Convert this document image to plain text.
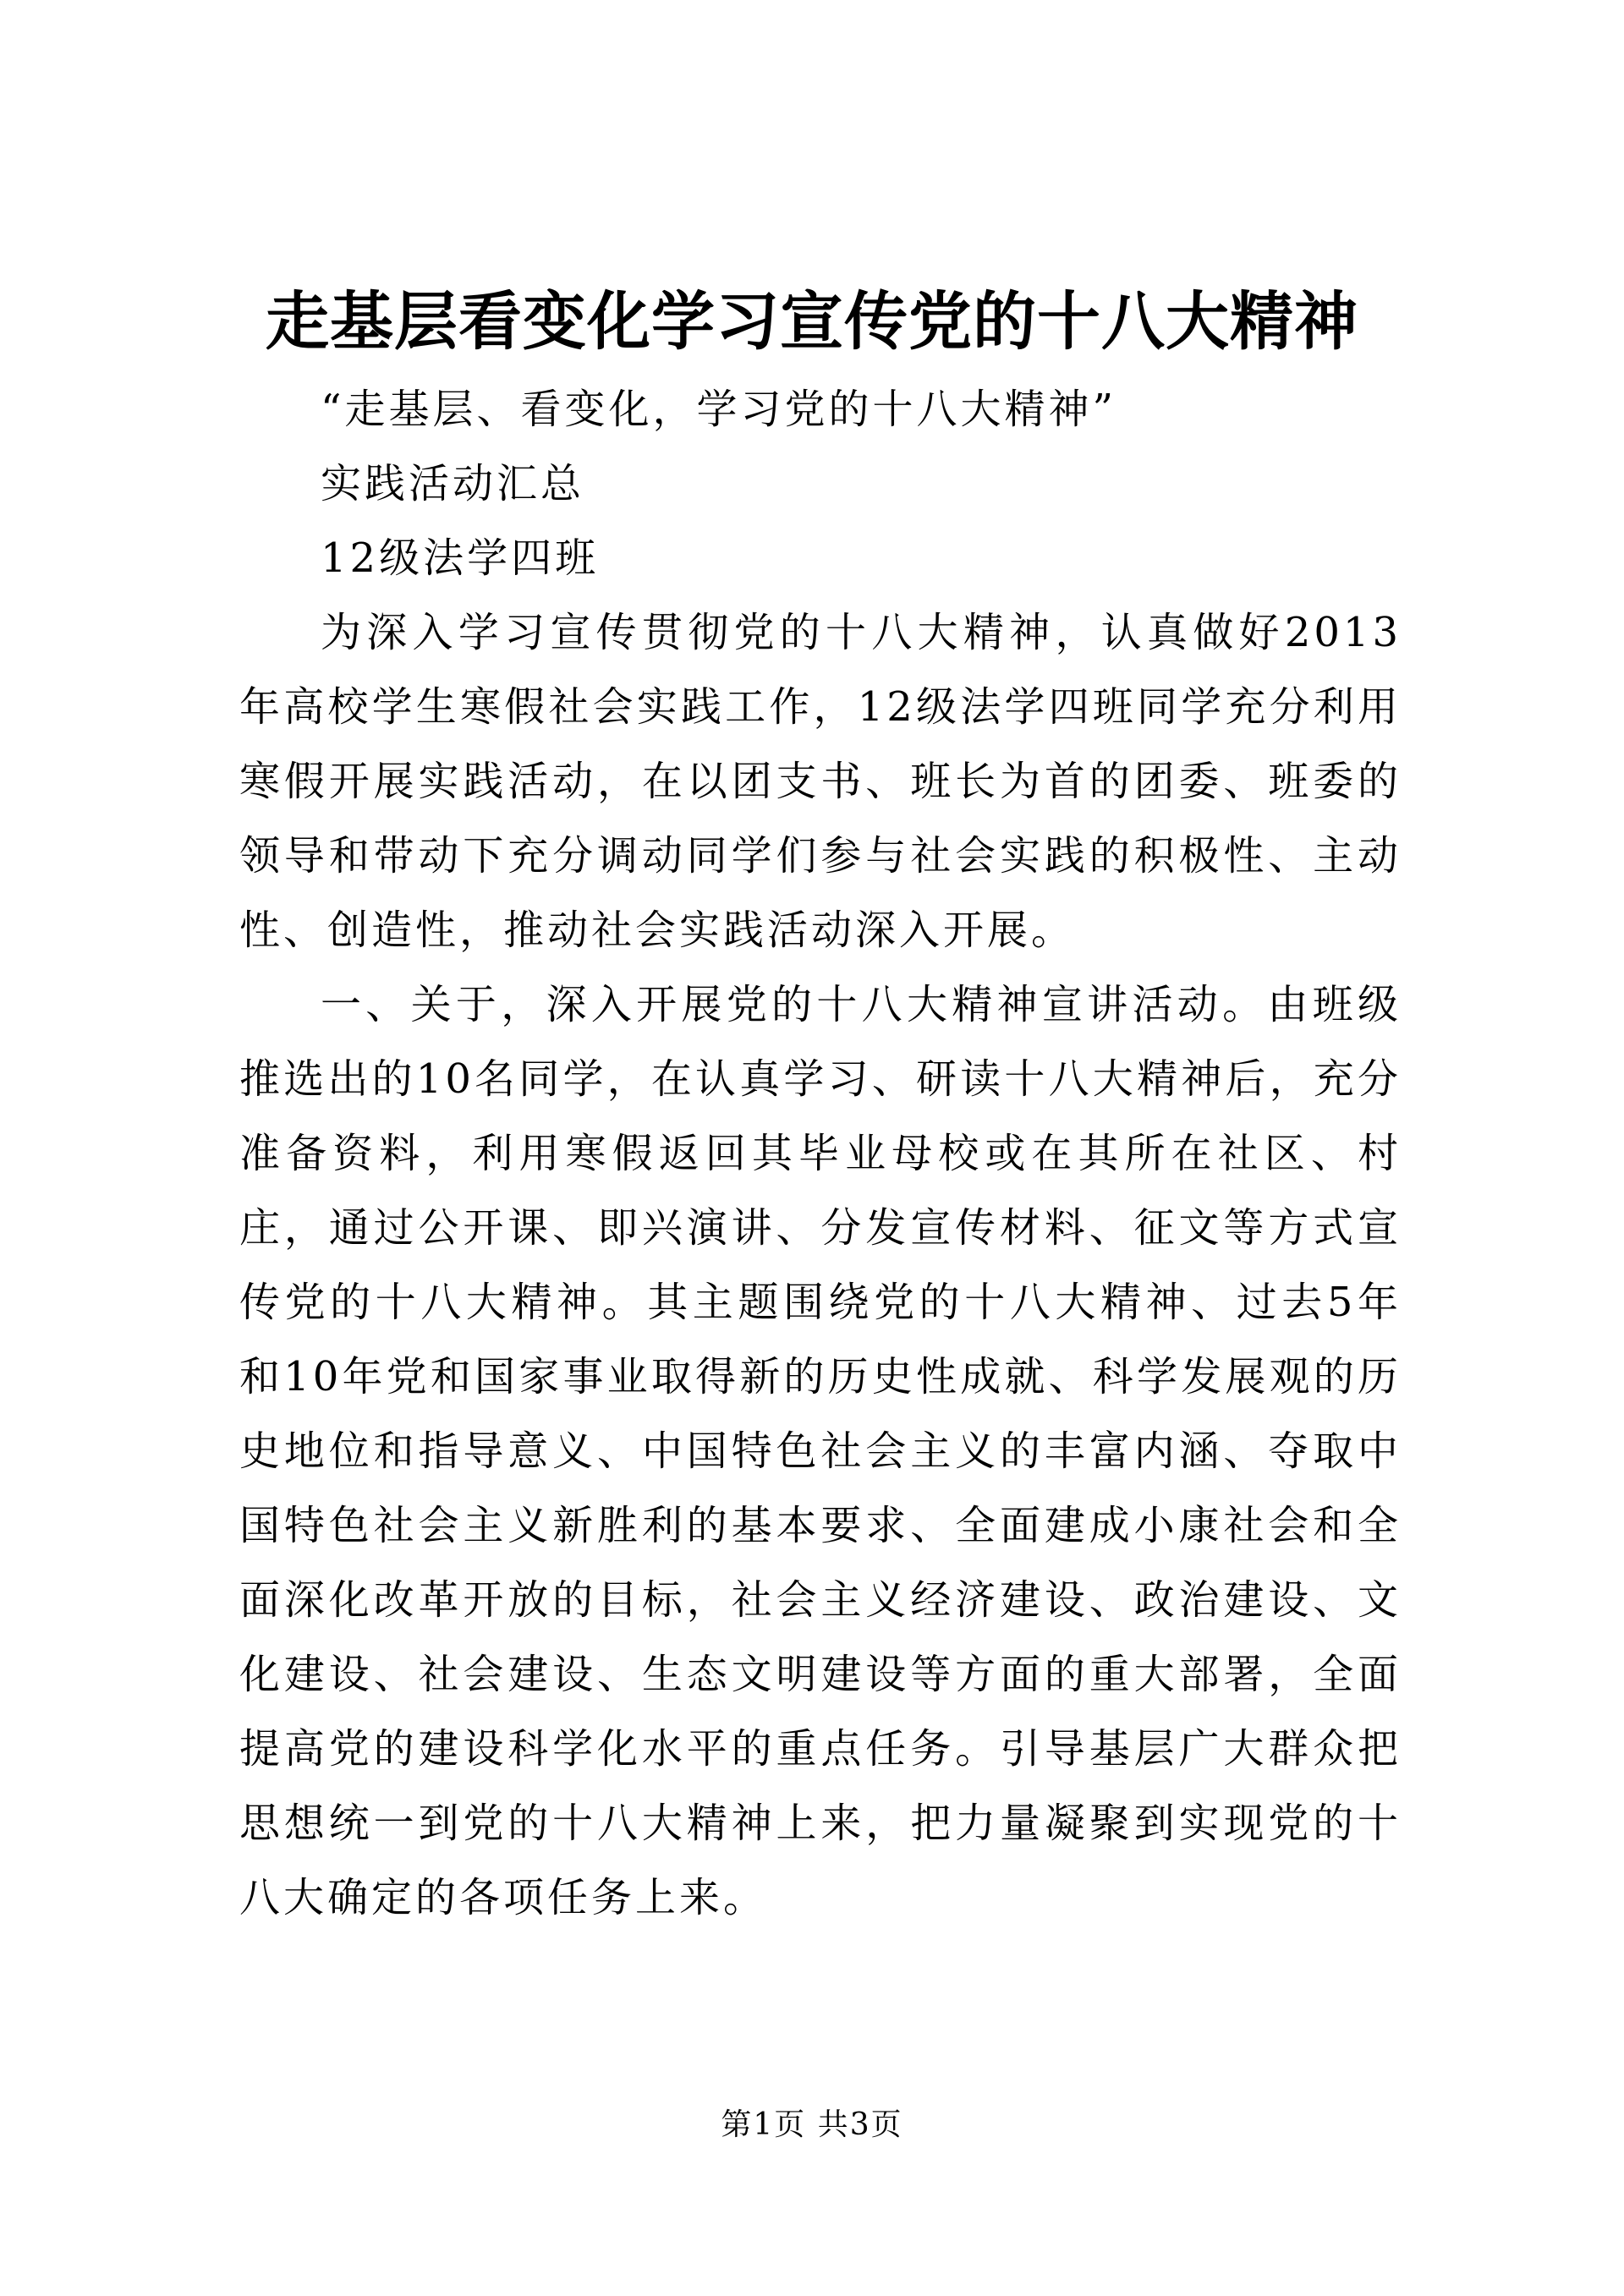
走基层看变化学习宣传党的十八大精神

“走基层、看变化，学习党的十八大精神”

实践活动汇总

12级法学四班

为深入学习宣传贯彻党的十八大精神，认真做好2013年高校学生寒假社会实践工作，12级法学四班同学充分利用寒假开展实践活动，在以团支书、班长为首的团委、班委的领导和带动下充分调动同学们参与社会实践的积极性、主动性、创造性，推动社会实践活动深入开展。

一、关于，深入开展党的十八大精神宣讲活动。由班级推选出的10名同学，在认真学习、研读十八大精神后，充分准备资料，利用寒假返回其毕业母校或在其所在社区、村庄，通过公开课、即兴演讲、分发宣传材料、征文等方式宣传党的十八大精神。其主题围绕党的十八大精神、过去5年和10年党和国家事业取得新的历史性成就、科学发展观的历史地位和指导意义、中国特色社会主义的丰富内涵、夺取中国特色社会主义新胜利的基本要求、全面建成小康社会和全面深化改革开放的目标，社会主义经济建设、政治建设、文化建设、社会建设、生态文明建设等方面的重大部署，全面提高党的建设科学化水平的重点任务。引导基层广大群众把思想统一到党的十八大精神上来，把力量凝聚到实现党的十八大确定的各项任务上来。

第1页 共3页
